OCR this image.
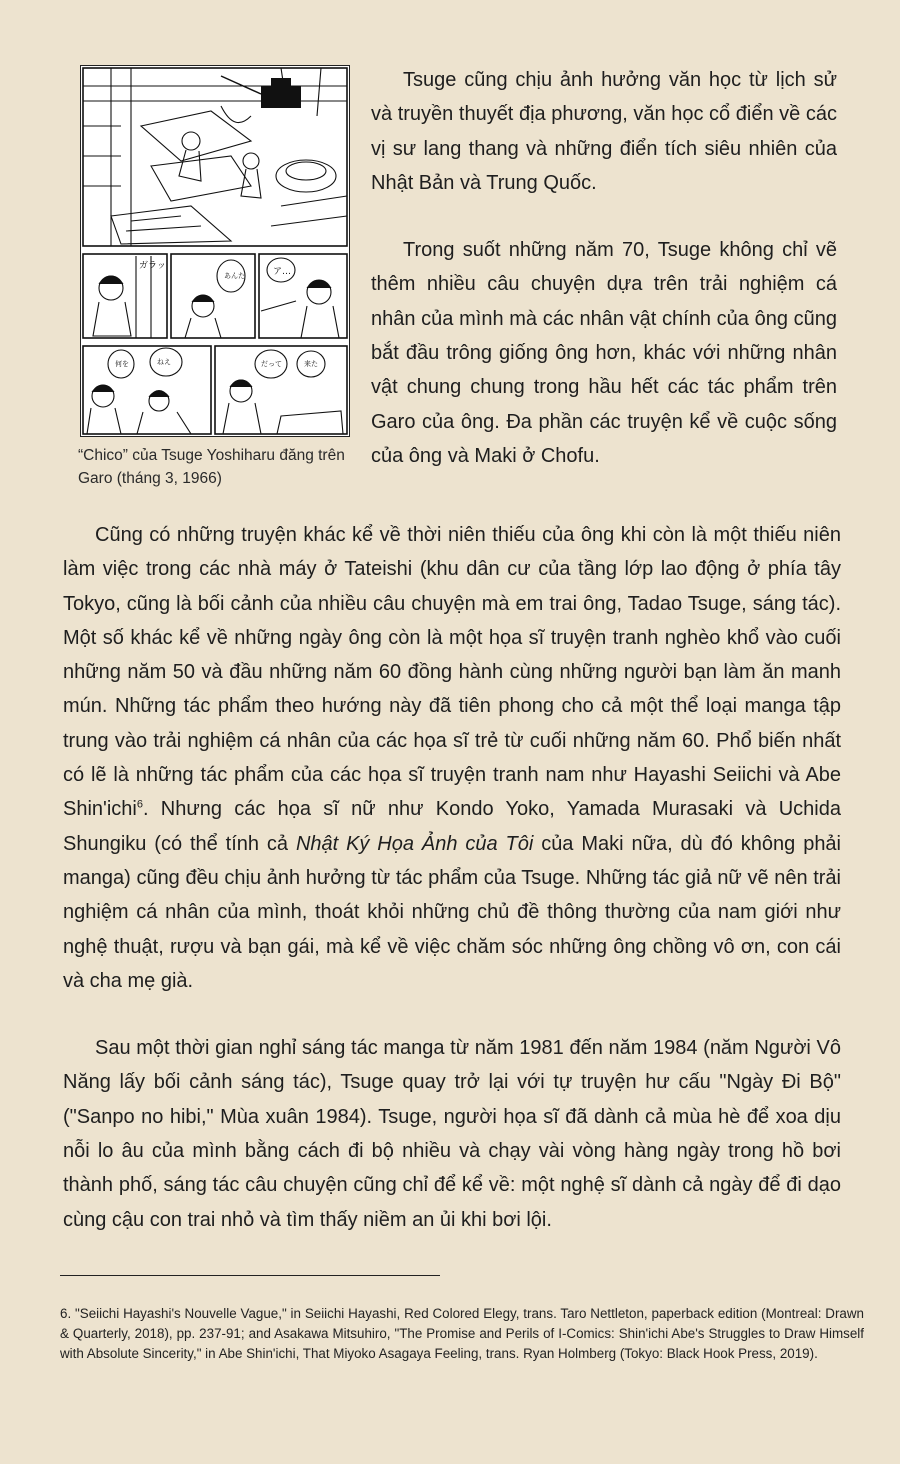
ガラッ
あんた	ア…
何を	ねえ	だって	来た
“Chico” của Tsuge Yoshiharu đăng trên Garo (tháng 3, 1966)

Tsuge cũng chịu ảnh hưởng văn học từ lịch sử và truyền thuyết địa phương, văn học cổ điển về các vị sư lang thang và những điển tích siêu nhiên của Nhật Bản và Trung Quốc.

Trong suốt những năm 70, Tsuge không chỉ vẽ thêm nhiều câu chuyện dựa trên trải nghiệm cá nhân của mình mà các nhân vật chính của ông cũng bắt đầu trông giống ông hơn, khác với những nhân vật chung chung trong hầu hết các tác phẩm trên Garo của ông. Đa phần các truyện kể về cuộc sống của ông và Maki ở Chofu.

Cũng có những truyện khác kể về thời niên thiếu của ông khi còn là một thiếu niên làm việc trong các nhà máy ở Tateishi (khu dân cư của tầng lớp lao động ở phía tây Tokyo, cũng là bối cảnh của nhiều câu chuyện mà em trai ông, Tadao Tsuge, sáng tác). Một số khác kể về những ngày ông còn là một họa sĩ truyện tranh nghèo khổ vào cuối những năm 50 và đầu những năm 60 đồng hành cùng những người bạn làm ăn manh mún. Những tác phẩm theo hướng này đã tiên phong cho cả một thể loại manga tập trung vào trải nghiệm cá nhân của các họa sĩ trẻ từ cuối những năm 60. Phổ biến nhất có lẽ là những tác phẩm của các họa sĩ truyện tranh nam như Hayashi Seiichi và Abe Shin'ichi$^6$. Nhưng các họa sĩ nữ như Kondo Yoko, Yamada Murasaki và Uchida Shungiku (có thể tính cả Nhật Ký Họa Ảnh của Tôi của Maki nữa, dù đó không phải manga) cũng đều chịu ảnh hưởng từ tác phẩm của Tsuge. Những tác giả nữ vẽ nên trải nghiệm cá nhân của mình, thoát khỏi những chủ đề thông thường của nam giới như nghệ thuật, rượu và bạn gái, mà kể về việc chăm sóc những ông chồng vô ơn, con cái và cha mẹ già.

Sau một thời gian nghỉ sáng tác manga từ năm 1981 đến năm 1984 (năm Người Vô Năng lấy bối cảnh sáng tác), Tsuge quay trở lại với tự truyện hư cấu "Ngày Đi Bộ" ("Sanpo no hibi," Mùa xuân 1984). Tsuge, người họa sĩ đã dành cả mùa hè để xoa dịu nỗi lo âu của mình bằng cách đi bộ nhiều và chạy vài vòng hàng ngày trong hồ bơi thành phố, sáng tác câu chuyện cũng chỉ để kể về: một nghệ sĩ dành cả ngày để đi dạo cùng cậu con trai nhỏ và tìm thấy niềm an ủi khi bơi lội.

6. "Seiichi Hayashi's Nouvelle Vague," in Seiichi Hayashi, Red Colored Elegy, trans. Taro Nettleton, paperback edition (Montreal: Drawn & Quarterly, 2018), pp. 237-91; and Asakawa Mitsuhiro, "The Promise and Perils of I-Comics: Shin'ichi Abe's Struggles to Draw Himself with Absolute Sincerity," in Abe Shin'ichi, That Miyoko Asagaya Feeling, trans. Ryan Holmberg (Tokyo: Black Hook Press, 2019).
